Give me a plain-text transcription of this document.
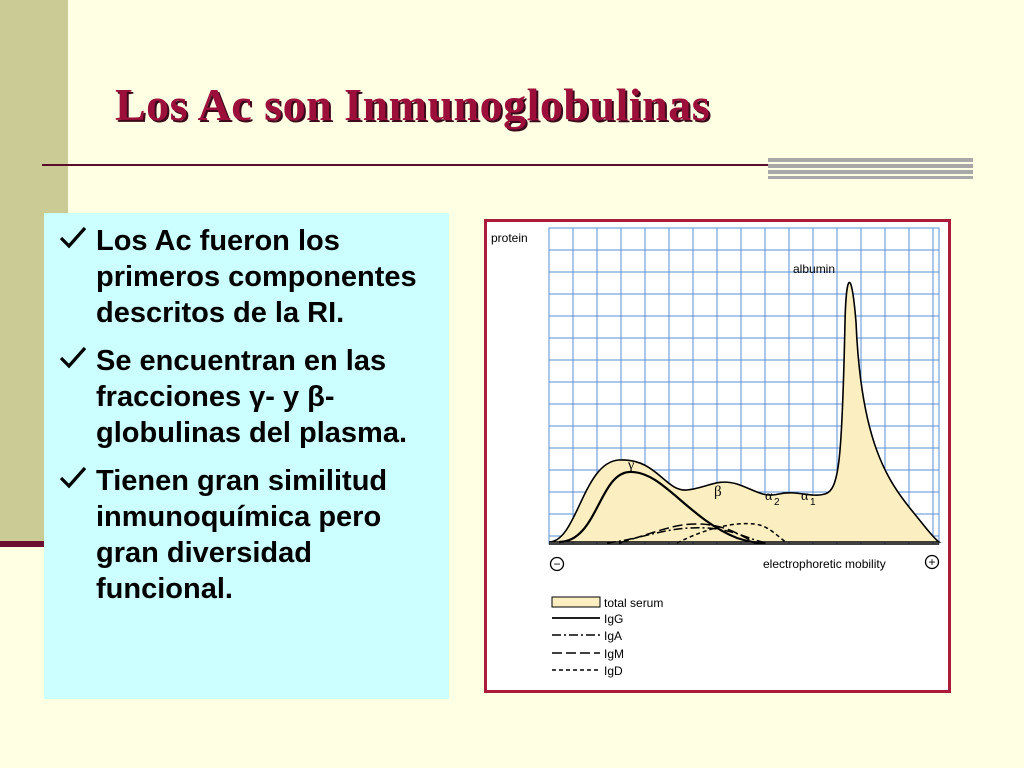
Los Ac son Inmunoglobulinas
Los Ac fueron los primeros componentes descritos de la RI.
Se encuentran en las fracciones γ- y β-globulinas del plasma.
Tienen gran similitud inmunoquímica pero gran diversidad funcional.
protein
albumin
γ
β	α 2 α 1
−	electrophoretic mobility	+
total serum
IgG
IgA
IgM
IgD
